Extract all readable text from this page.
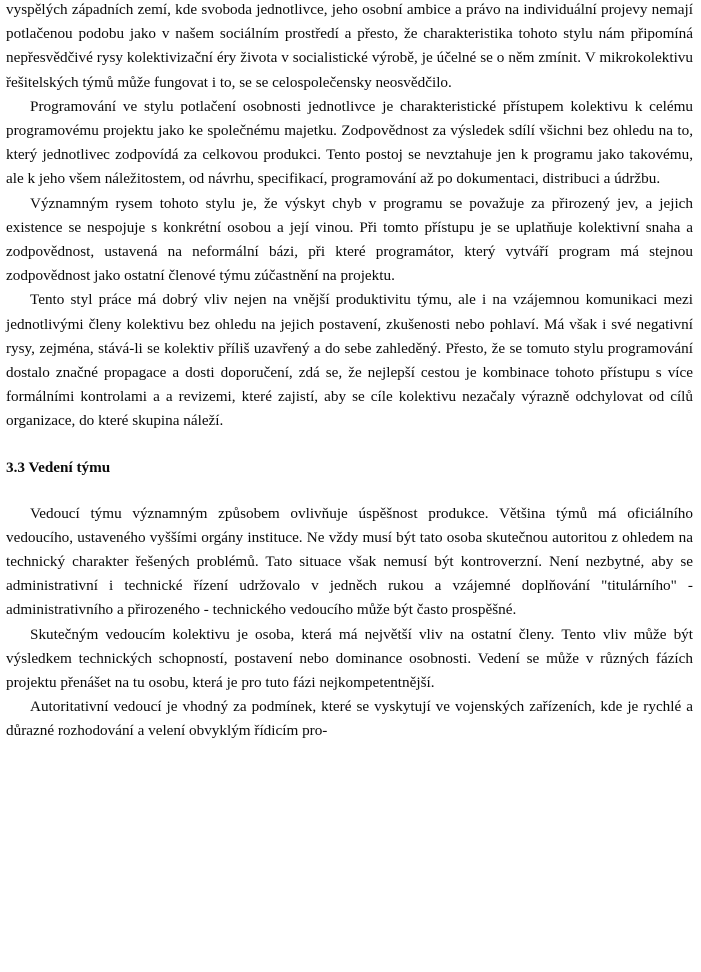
vyspělých západních zemí, kde svoboda jednotlivce, jeho osobní ambice a právo na individuální projevy nemají potlačenou podobu jako v našem sociálním prostředí a přesto, že charakteristika tohoto stylu nám připomíná nepřesvědčivé rysy kolektivizační éry života v socialistické výrobě, je účelné se o něm zmínit. V mikrokolektivu řešitelských týmů může fungovat i to, se se celospolečensky neosvědčilo.

Programování ve stylu potlačení osobnosti jednotlivce je charakteristické přístupem kolektivu k celému programovému projektu jako ke společnému majetku. Zodpovědnost za výsledek sdílí všichni bez ohledu na to, který jednotlivec zodpovídá za celkovou produkci. Tento postoj se nevztahuje jen k programu jako takovému, ale k jeho všem náležitostem, od návrhu, specifikací, programování až po dokumentaci, distribuci a údržbu.

Významným rysem tohoto stylu je, že výskyt chyb v programu se považuje za přirozený jev, a jejich existence se nespojuje s konkrétní osobou a její vinou. Při tomto přístupu je se uplatňuje kolektivní snaha a zodpovědnost, ustavená na neformální bázi, při které programátor, který vytváří program má stejnou zodpovědnost jako ostatní členové týmu zúčastnění na projektu.

Tento styl práce má dobrý vliv nejen na vnější produktivitu týmu, ale i na vzájemnou komunikaci mezi jednotlivými členy kolektivu bez ohledu na jejich postavení, zkušenosti nebo pohlaví. Má však i své negativní rysy, zejména, stává-li se kolektiv příliš uzavřený a do sebe zahleděný. Přesto, že se tomuto stylu programování dostalo značné propagace a dosti doporučení, zdá se, že nejlepší cestou je kombinace tohoto přístupu s více formálními kontrolami a a revizemi, které zajistí, aby se cíle kolektivu nezačaly výrazně odchylovat od cílů organizace, do které skupina náleží.

3.3 Vedení týmu

Vedoucí týmu významným způsobem ovlivňuje úspěšnost produkce. Většina týmů má oficiálního vedoucího, ustaveného vyššími orgány instituce. Ne vždy musí být tato osoba skutečnou autoritou z ohledem na technický charakter řešených problémů. Tato situace však nemusí být kontroverzní. Není nezbytné, aby se administrativní i technické řízení udržovalo v jedněch rukou a vzájemné doplňování "titulárního" - administrativního a přirozeného - technického vedoucího může být často prospěšné.

Skutečným vedoucím kolektivu je osoba, která má největší vliv na ostatní členy. Tento vliv může být výsledkem technických schopností, postavení nebo dominance osobnosti. Vedení se může v různých fázích projektu přenášet na tu osobu, která je pro tuto fázi nejkompetentnější.

Autoritativní vedoucí je vhodný za podmínek, které se vyskytují ve vojenských zařízeních, kde je rychlé a důrazné rozhodování a velení obvyklým řídicím pro-
